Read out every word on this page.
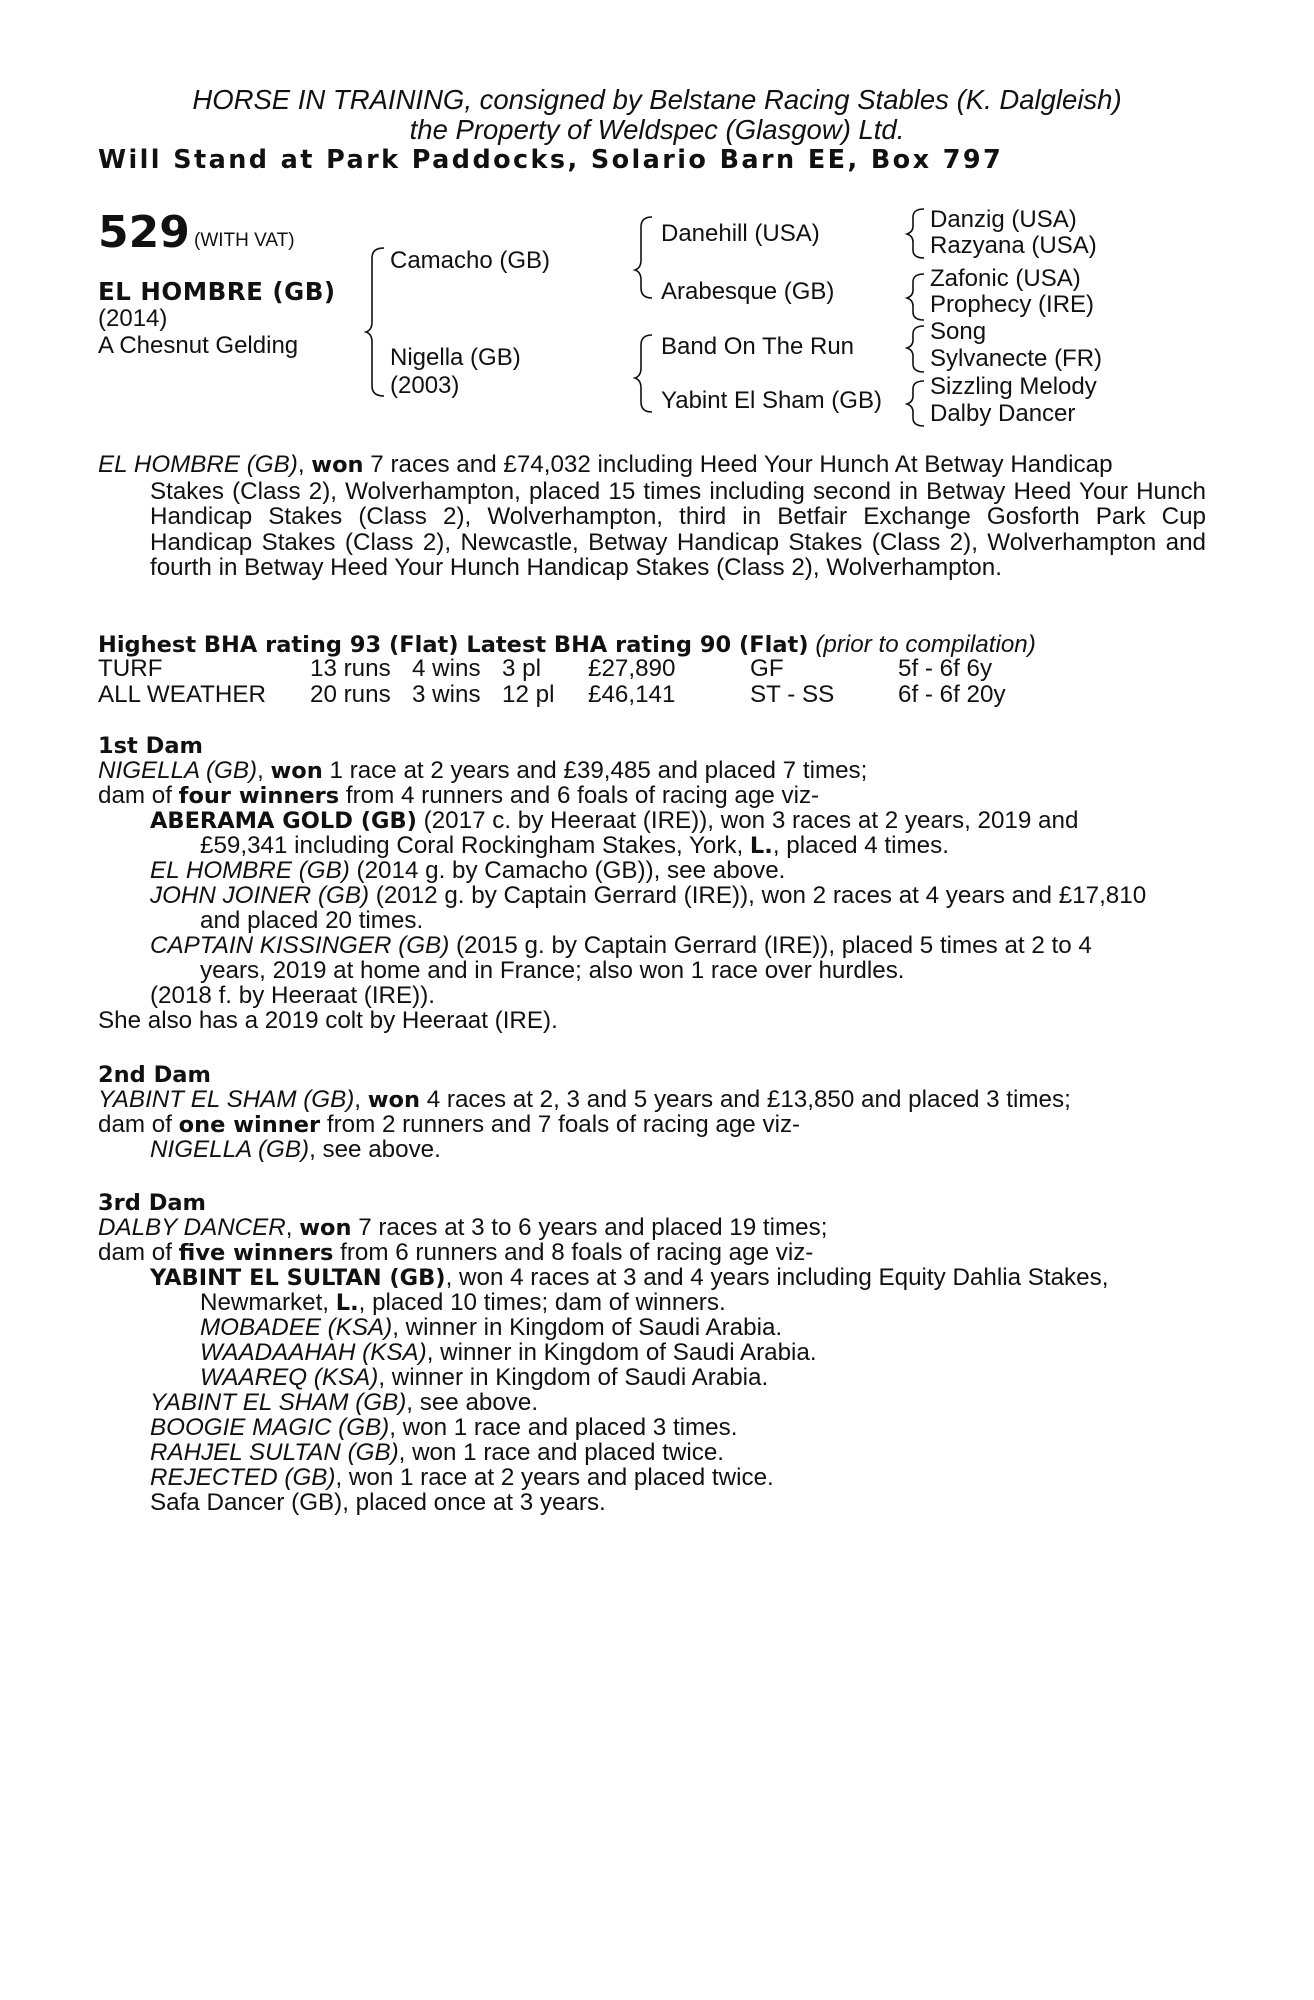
HORSE IN TRAINING, consigned by Belstane Racing Stables (K. Dalgleish)
the Property of Weldspec (Glasgow) Ltd.
Will Stand at Park Paddocks, Solario Barn EE, Box 797
529 (WITH VAT)
EL HOMBRE (GB)
(2014)
A Chesnut Gelding
Camacho (GB)
Nigella (GB)
(2003)
Danehill (USA)
Arabesque (GB)
Band On The Run
Yabint El Sham (GB)
Danzig (USA)
Razyana (USA)
Zafonic (USA)
Prophecy (IRE)
Song
Sylvanecte (FR)
Sizzling Melody
Dalby Dancer
EL HOMBRE (GB), won 7 races and £74,032 including Heed Your Hunch At Betway Handicap
Stakes (Class 2), Wolverhampton, placed 15 times including second in Betway Heed Your Hunch Handicap Stakes (Class 2), Wolverhampton, third in Betfair Exchange Gosforth Park Cup Handicap Stakes (Class 2), Newcastle, Betway Handicap Stakes (Class 2), Wolverhampton and fourth in Betway Heed Your Hunch Handicap Stakes (Class 2), Wolverhampton.
Highest BHA rating 93 (Flat) Latest BHA rating 90 (Flat) (prior to compilation)
TURF	13 runs 4 wins 3 pl £27,890	GF	5f - 6f 6y
ALL WEATHER 20 runs 3 wins 12 pl £46,141	ST - SS	6f - 6f 20y
1st Dam
NIGELLA (GB), won 1 race at 2 years and £39,485 and placed 7 times;
dam of four winners from 4 runners and 6 foals of racing age viz-
ABERAMA GOLD (GB) (2017 c. by Heeraat (IRE)), won 3 races at 2 years, 2019 and
£59,341 including Coral Rockingham Stakes, York, L., placed 4 times.
EL HOMBRE (GB) (2014 g. by Camacho (GB)), see above.
JOHN JOINER (GB) (2012 g. by Captain Gerrard (IRE)), won 2 races at 4 years and £17,810
and placed 20 times.
CAPTAIN KISSINGER (GB) (2015 g. by Captain Gerrard (IRE)), placed 5 times at 2 to 4
years, 2019 at home and in France; also won 1 race over hurdles.
(2018 f. by Heeraat (IRE)).
She also has a 2019 colt by Heeraat (IRE).
2nd Dam
YABINT EL SHAM (GB), won 4 races at 2, 3 and 5 years and £13,850 and placed 3 times;
dam of one winner from 2 runners and 7 foals of racing age viz-
NIGELLA (GB), see above.
3rd Dam
DALBY DANCER, won 7 races at 3 to 6 years and placed 19 times;
dam of five winners from 6 runners and 8 foals of racing age viz-
YABINT EL SULTAN (GB), won 4 races at 3 and 4 years including Equity Dahlia Stakes,
Newmarket, L., placed 10 times; dam of winners.
MOBADEE (KSA), winner in Kingdom of Saudi Arabia.
WAADAAHAH (KSA), winner in Kingdom of Saudi Arabia.
WAAREQ (KSA), winner in Kingdom of Saudi Arabia.
YABINT EL SHAM (GB), see above.
BOOGIE MAGIC (GB), won 1 race and placed 3 times.
RAHJEL SULTAN (GB), won 1 race and placed twice.
REJECTED (GB), won 1 race at 2 years and placed twice.
Safa Dancer (GB), placed once at 3 years.
